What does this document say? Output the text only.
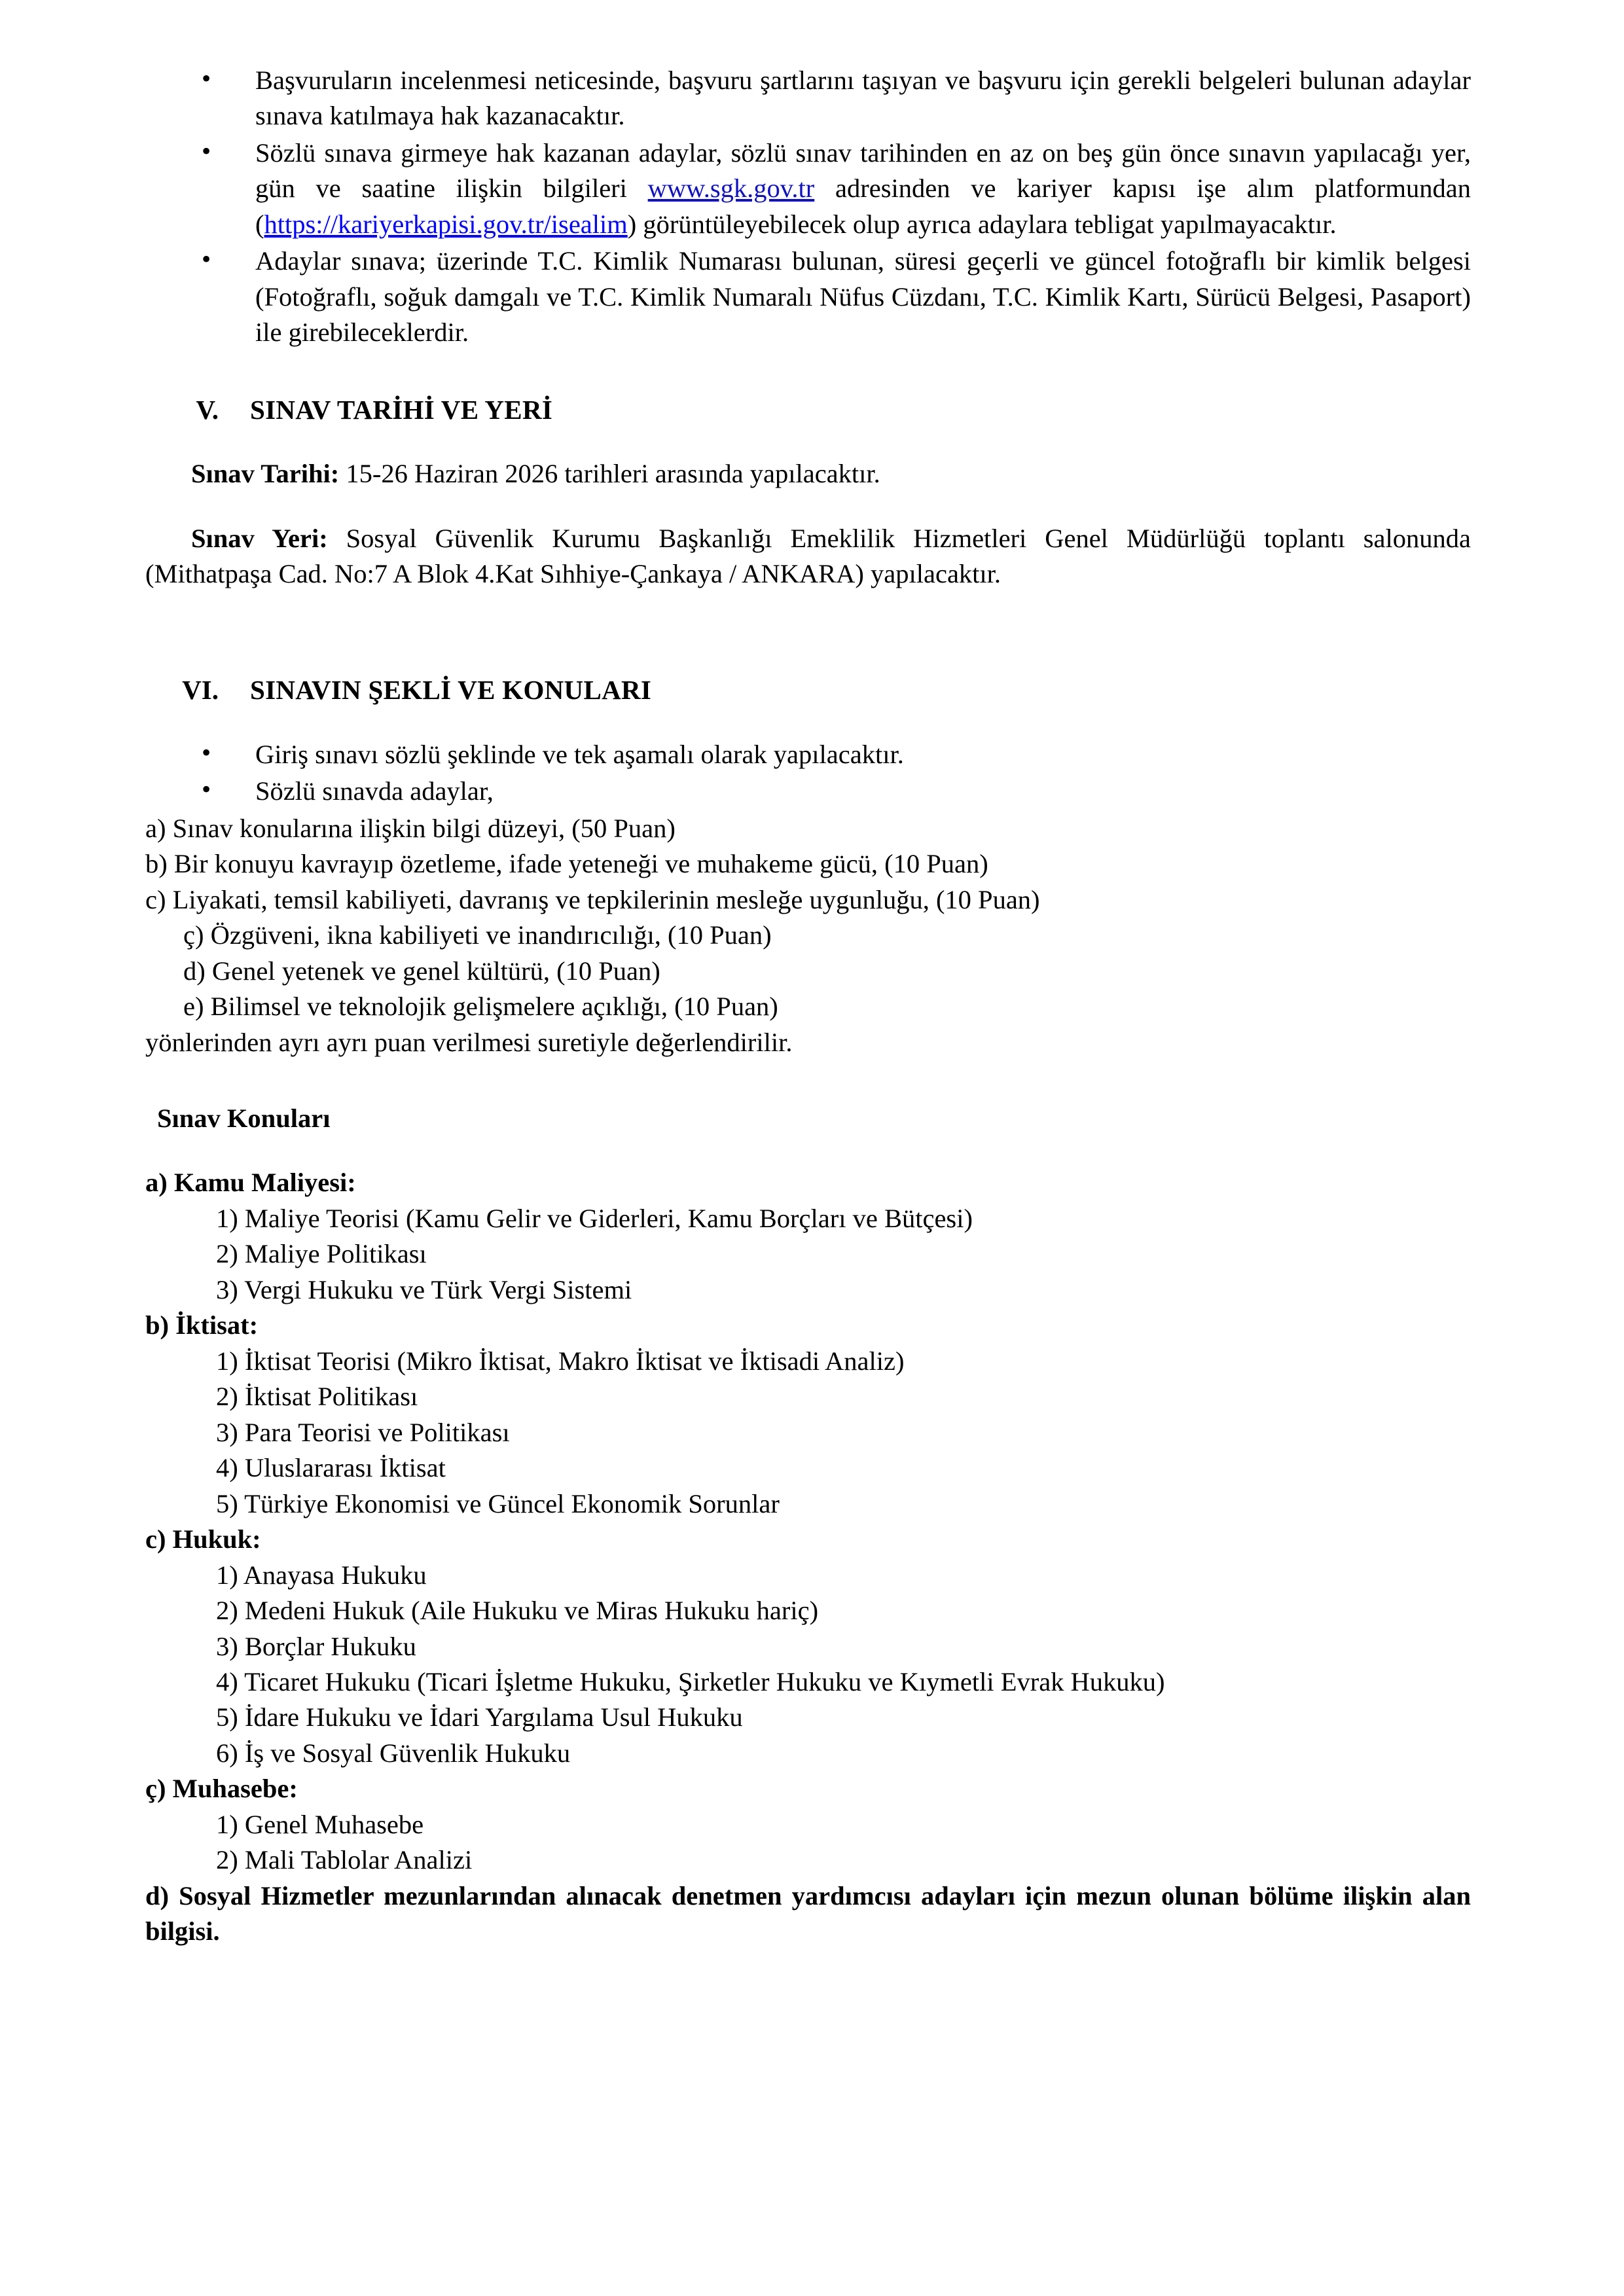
• Başvuruların incelenmesi neticesinde, başvuru şartlarını taşıyan ve başvuru için gerekli belgeleri bulunan adaylar sınava katılmaya hak kazanacaktır.
• Sözlü sınava girmeye hak kazanan adaylar, sözlü sınav tarihinden en az on beş gün önce sınavın yapılacağı yer, gün ve saatine ilişkin bilgileri www.sgk.gov.tr adresinden ve kariyer kapısı işe alım platformundan (https://kariyerkapisi.gov.tr/isealim) görüntüleyebilecek olup ayrıca adaylara tebligat yapılmayacaktır.
• Adaylar sınava; üzerinde T.C. Kimlik Numarası bulunan, süresi geçerli ve güncel fotoğraflı bir kimlik belgesi (Fotoğraflı, soğuk damgalı ve T.C. Kimlik Numaralı Nüfus Cüzdanı, T.C. Kimlik Kartı, Sürücü Belgesi, Pasaport) ile girebileceklerdir.
V.	SINAV TARİHİ VE YERİ

Sınav Tarihi: 15-26 Haziran 2026 tarihleri arasında yapılacaktır.

Sınav Yeri: Sosyal Güvenlik Kurumu Başkanlığı Emeklilik Hizmetleri Genel Müdürlüğü toplantı salonunda (Mithatpaşa Cad. No:7 A Blok 4.Kat Sıhhiye-Çankaya / ANKARA) yapılacaktır.

VI.	SINAVIN ŞEKLİ VE KONULARI
• Giriş sınavı sözlü şeklinde ve tek aşamalı olarak yapılacaktır.
• Sözlü sınavda adaylar,
a) Sınav konularına ilişkin bilgi düzeyi, (50 Puan)
b) Bir konuyu kavrayıp özetleme, ifade yeteneği ve muhakeme gücü, (10 Puan)
c) Liyakati, temsil kabiliyeti, davranış ve tepkilerinin mesleğe uygunluğu, (10 Puan)
ç) Özgüveni, ikna kabiliyeti ve inandırıcılığı, (10 Puan)
d) Genel yetenek ve genel kültürü, (10 Puan)
e) Bilimsel ve teknolojik gelişmelere açıklığı, (10 Puan)
yönlerinden ayrı ayrı puan verilmesi suretiyle değerlendirilir.
Sınav Konuları
a) Kamu Maliyesi:
1) Maliye Teorisi (Kamu Gelir ve Giderleri, Kamu Borçları ve Bütçesi)
2) Maliye Politikası
3) Vergi Hukuku ve Türk Vergi Sistemi
b) İktisat:
1) İktisat Teorisi (Mikro İktisat, Makro İktisat ve İktisadi Analiz)
2) İktisat Politikası
3) Para Teorisi ve Politikası
4) Uluslararası İktisat
5) Türkiye Ekonomisi ve Güncel Ekonomik Sorunlar
c) Hukuk:
1) Anayasa Hukuku
2) Medeni Hukuk (Aile Hukuku ve Miras Hukuku hariç)
3) Borçlar Hukuku
4) Ticaret Hukuku (Ticari İşletme Hukuku, Şirketler Hukuku ve Kıymetli Evrak Hukuku)
5) İdare Hukuku ve İdari Yargılama Usul Hukuku
6) İş ve Sosyal Güvenlik Hukuku
ç) Muhasebe:
1) Genel Muhasebe
2) Mali Tablolar Analizi
d) Sosyal Hizmetler mezunlarından alınacak denetmen yardımcısı adayları için mezun olunan bölüme ilişkin alan bilgisi.
